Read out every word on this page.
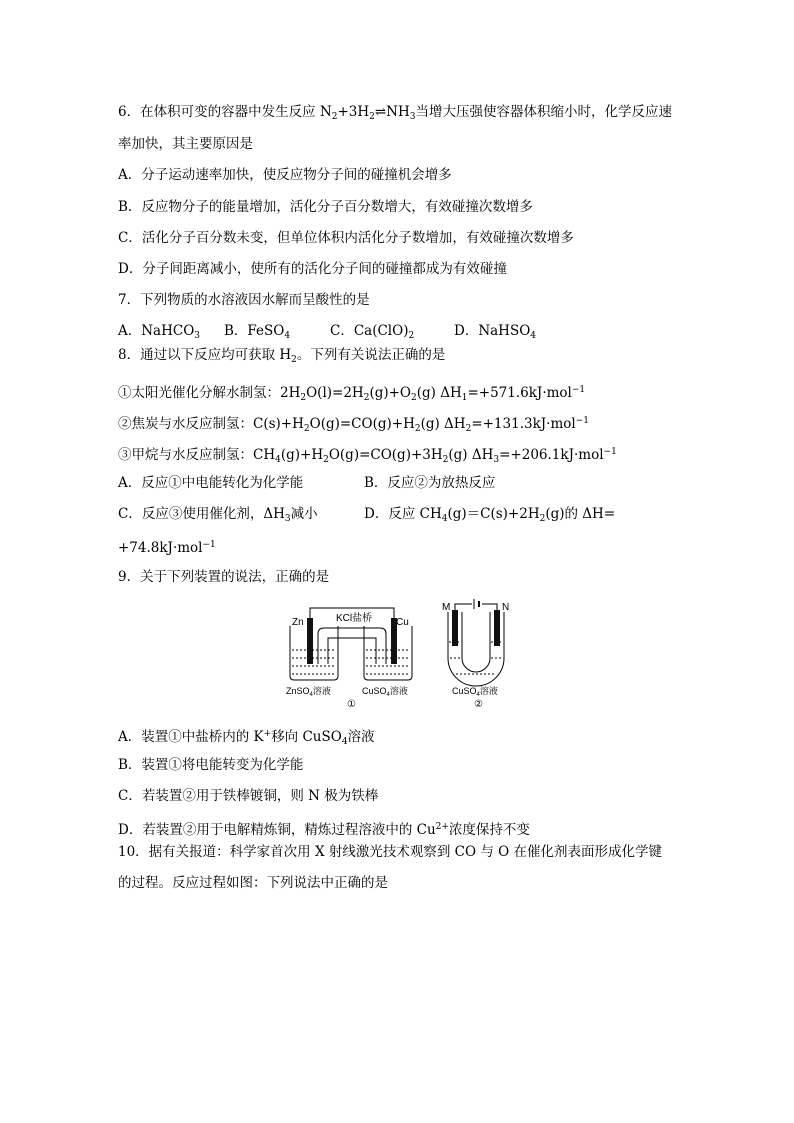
6．在体积可变的容器中发生反应 $N_2+3H_2\rightleftharpoons NH_3$当增大压强使容器体积缩小时，化学反应速
率加快，其主要原因是
A．分子运动速率加快，使反应物分子间的碰撞机会增多
B．反应物分子的能量增加，活化分子百分数增大，有效碰撞次数增多
C．活化分子百分数未变，但单位体积内活化分子数增加，有效碰撞次数增多
D．分子间距离减小，使所有的活化分子间的碰撞都成为有效碰撞
7．下列物质的水溶液因水解而呈酸性的是
A．NaHCO$_3$ B．FeSO$_4$	C．$Ca(ClO)_2$	D．NaHSO$_4$
8．通过以下反应均可获取 $H_2$。下列有关说法正确的是
①太阳光催化分解水制氢：$2H_2O(l)=2H_2(g)+O_2(g)$ $\Delta H_1=+571.6kJ\cdot mol^{-1}$
②焦炭与水反应制氢：$C(s)+H_2O(g)=CO(g)+H_2(g)$ $\Delta H_2=+131.3kJ\cdot mol^{-1}$
③甲烷与水反应制氢：$CH_4(g)+H_2O(g)=CO(g)+3H_2(g)$ $\Delta H_3=+206.1kJ\cdot mol^{-1}$
A．反应①中电能转化为化学能	B．反应②为放热反应
C．反应③使用催化剂，$\Delta H_3$减小	D．反应 $CH_4(g)=C(s)+2H_2(g)$的 ΔH=
+74.8kJ·mol$^{-1}$
9．关于下列装置的说法，正确的是
Zn	Cu
KCl盐桥
ZnSO$_4$溶液	CuSO$_4$溶液
①
M	N
CuSO$_4$溶液
②
A．装置①中盐桥内的 K+移向 CuSO$_4$溶液
B．装置①将电能转变为化学能
C．若装置②用于铁棒镀铜，则 N 极为铁棒
D．若装置②用于电解精炼铜，精炼过程溶液中的 $Cu^{2+}$浓度保持不变
10．据有关报道：科学家首次用 X 射线激光技术观察到 CO 与 O 在催化剂表面形成化学键
的过程。反应过程如图：下列说法中正确的是
